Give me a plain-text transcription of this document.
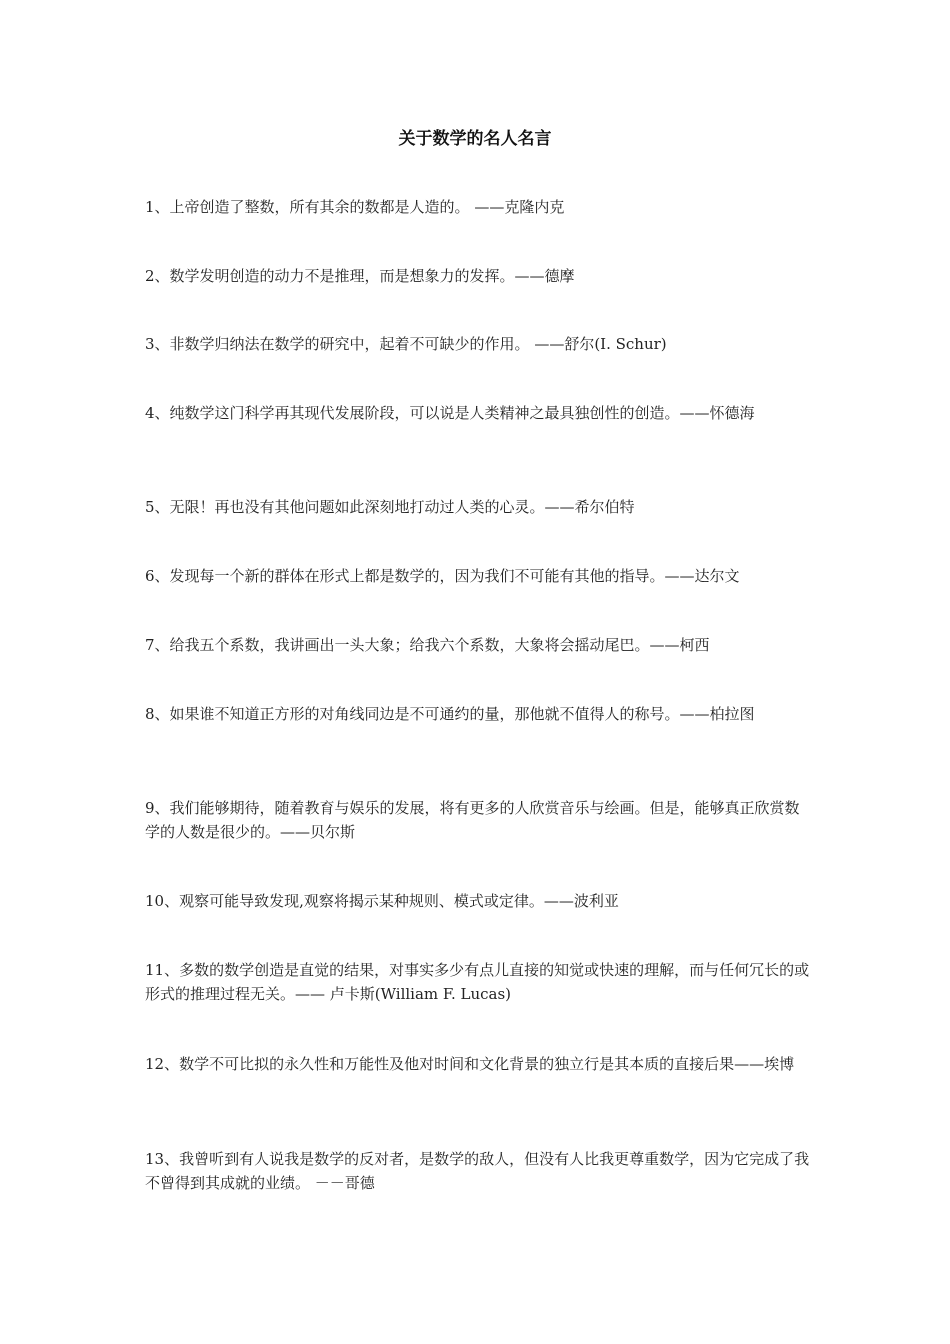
关于数学的名人名言
1、上帝创造了整数，所有其余的数都是人造的。 ——克隆内克
2、数学发明创造的动力不是推理，而是想象力的发挥。——德摩
3、非数学归纳法在数学的研究中，起着不可缺少的作用。 ——舒尔(I. Schur)
4、纯数学这门科学再其现代发展阶段，可以说是人类精神之最具独创性的创造。——怀德海
5、无限！再也没有其他问题如此深刻地打动过人类的心灵。——希尔伯特
6、发现每一个新的群体在形式上都是数学的，因为我们不可能有其他的指导。——达尔文
7、给我五个系数，我讲画出一头大象；给我六个系数，大象将会摇动尾巴。——柯西
8、如果谁不知道正方形的对角线同边是不可通约的量，那他就不值得人的称号。——柏拉图
9、我们能够期待，随着教育与娱乐的发展，将有更多的人欣赏音乐与绘画。但是，能够真正欣赏数学的人数是很少的。——贝尔斯
10、观察可能导致发现,观察将揭示某种规则、模式或定律。——波利亚
11、多数的数学创造是直觉的结果，对事实多少有点儿直接的知觉或快速的理解，而与任何冗长的或形式的推理过程无关。—— 卢卡斯(William F. Lucas)
12、数学不可比拟的永久性和万能性及他对时间和文化背景的独立行是其本质的直接后果——埃博
13、我曾听到有人说我是数学的反对者，是数学的敌人，但没有人比我更尊重数学，因为它完成了我不曾得到其成就的业绩。 －－哥德
